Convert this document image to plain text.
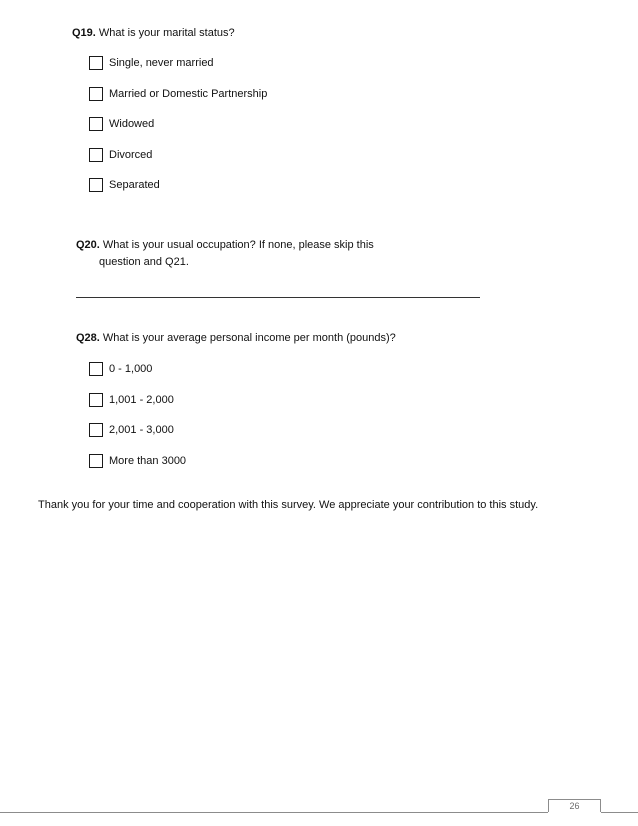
Q19. What is your marital status?
Single, never married
Married or Domestic Partnership
Widowed
Divorced
Separated
Q20. What is your usual occupation? If none, please skip this
question and Q21.
Q28. What is your average personal income per month (pounds)?
0 - 1,000
1,001 - 2,000
2,001 - 3,000
More than 3000
Thank you for your time and cooperation with this survey. We appreciate your contribution to this study.
26
